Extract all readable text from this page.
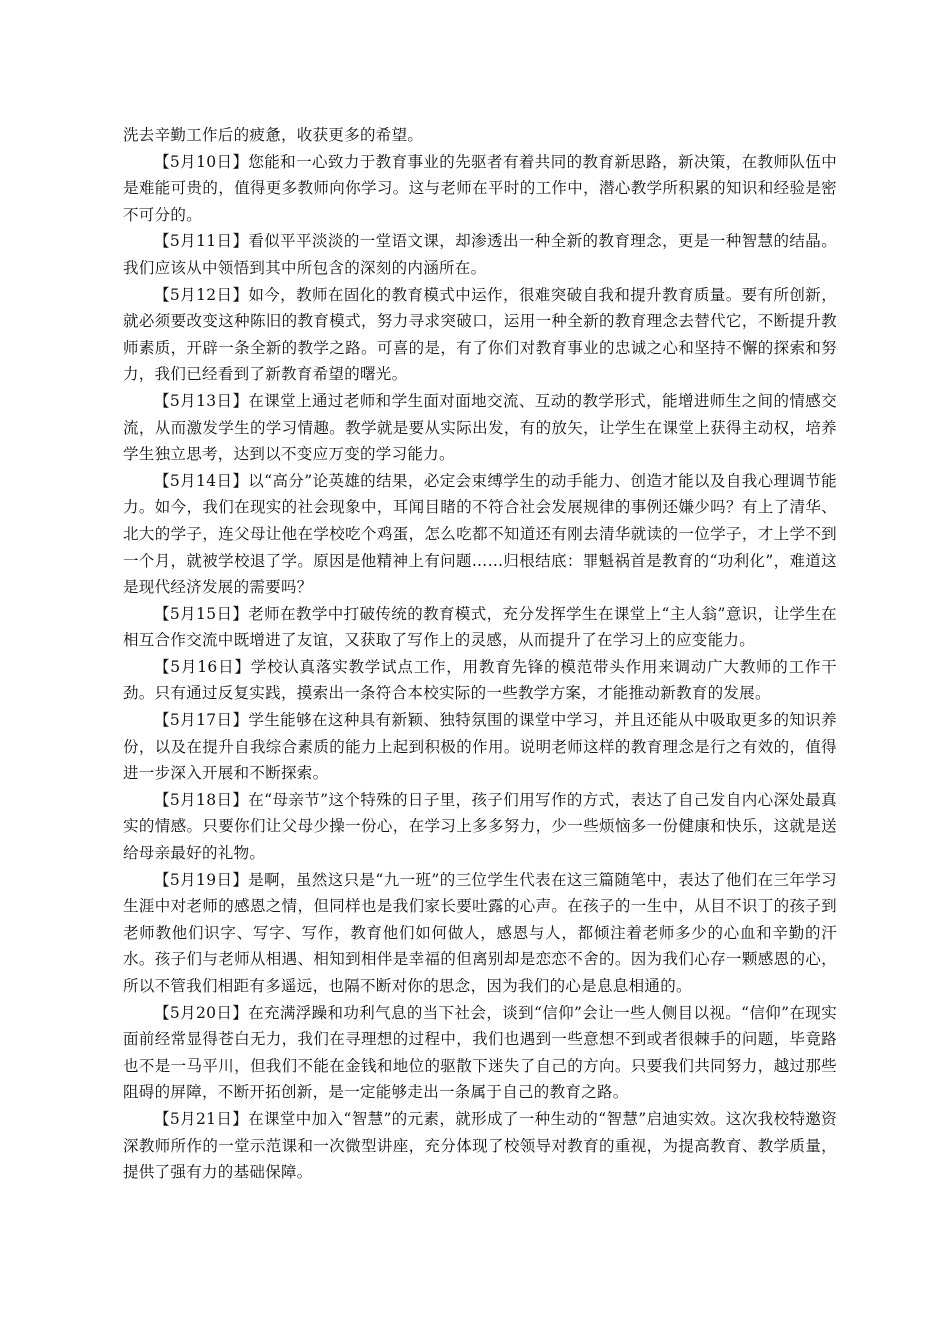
洗去辛勤工作后的疲惫，收获更多的希望。

【5月10日】您能和一心致力于教育事业的先驱者有着共同的教育新思路，新决策，在教师队伍中是难能可贵的，值得更多教师向你学习。这与老师在平时的工作中，潜心教学所积累的知识和经验是密不可分的。

【5月11日】看似平平淡淡的一堂语文课，却渗透出一种全新的教育理念，更是一种智慧的结晶。我们应该从中领悟到其中所包含的深刻的内涵所在。

【5月12日】如今，教师在固化的教育模式中运作，很难突破自我和提升教育质量。要有所创新，就必须要改变这种陈旧的教育模式，努力寻求突破口，运用一种全新的教育理念去替代它，不断提升教师素质，开辟一条全新的教学之路。可喜的是，有了你们对教育事业的忠诚之心和坚持不懈的探索和努力，我们已经看到了新教育希望的曙光。

【5月13日】在课堂上通过老师和学生面对面地交流、互动的教学形式，能增进师生之间的情感交流，从而激发学生的学习情趣。教学就是要从实际出发，有的放矢，让学生在课堂上获得主动权，培养学生独立思考，达到以不变应万变的学习能力。

【5月14日】以“高分”论英雄的结果，必定会束缚学生的动手能力、创造才能以及自我心理调节能力。如今，我们在现实的社会现象中，耳闻目睹的不符合社会发展规律的事例还嫌少吗？有上了清华、北大的学子，连父母让他在学校吃个鸡蛋，怎么吃都不知道还有刚去清华就读的一位学子，才上学不到一个月，就被学校退了学。原因是他精神上有问题……归根结底：罪魁祸首是教育的“功利化”，难道这是现代经济发展的需要吗？

【5月15日】老师在教学中打破传统的教育模式，充分发挥学生在课堂上“主人翁”意识，让学生在相互合作交流中既增进了友谊，又获取了写作上的灵感，从而提升了在学习上的应变能力。

【5月16日】学校认真落实教学试点工作，用教育先锋的模范带头作用来调动广大教师的工作干劲。只有通过反复实践，摸索出一条符合本校实际的一些教学方案，才能推动新教育的发展。

【5月17日】学生能够在这种具有新颖、独特氛围的课堂中学习，并且还能从中吸取更多的知识养份，以及在提升自我综合素质的能力上起到积极的作用。说明老师这样的教育理念是行之有效的，值得进一步深入开展和不断探索。

【5月18日】在“母亲节”这个特殊的日子里，孩子们用写作的方式，表达了自己发自内心深处最真实的情感。只要你们让父母少操一份心，在学习上多多努力，少一些烦恼多一份健康和快乐，这就是送给母亲最好的礼物。

【5月19日】是啊，虽然这只是“九一班”的三位学生代表在这三篇随笔中，表达了他们在三年学习生涯中对老师的感恩之情，但同样也是我们家长要吐露的心声。在孩子的一生中，从目不识丁的孩子到老师教他们识字、写字、写作，教育他们如何做人，感恩与人，都倾注着老师多少的心血和辛勤的汗水。孩子们与老师从相遇、相知到相伴是幸福的但离别却是恋恋不舍的。因为我们心存一颗感恩的心，所以不管我们相距有多遥远，也隔不断对你的思念，因为我们的心是息息相通的。

【5月20日】在充满浮躁和功利气息的当下社会，谈到“信仰”会让一些人侧目以视。“信仰”在现实面前经常显得苍白无力，我们在寻理想的过程中，我们也遇到一些意想不到或者很棘手的问题，毕竟路也不是一马平川，但我们不能在金钱和地位的驱散下迷失了自己的方向。只要我们共同努力，越过那些阻碍的屏障，不断开拓创新，是一定能够走出一条属于自己的教育之路。

【5月21日】在课堂中加入“智慧”的元素，就形成了一种生动的“智慧”启迪实效。这次我校特邀资深教师所作的一堂示范课和一次微型讲座，充分体现了校领导对教育的重视，为提高教育、教学质量，提供了强有力的基础保障。
